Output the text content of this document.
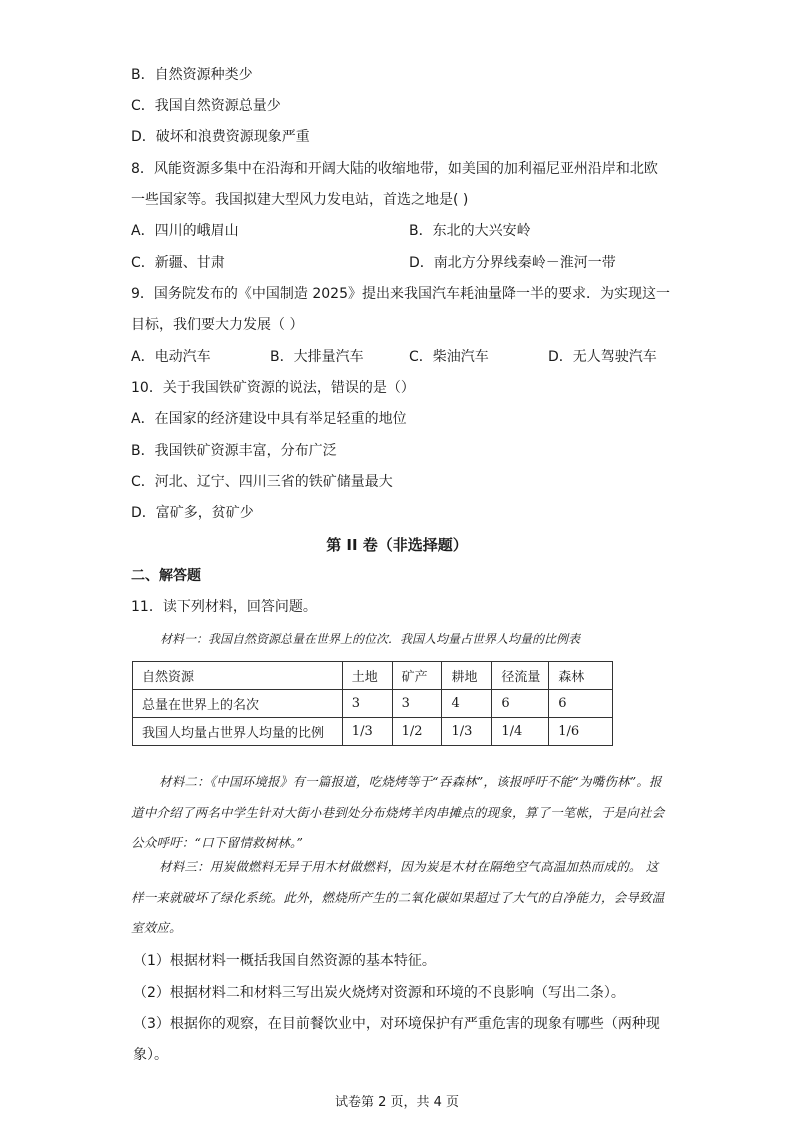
B．自然资源种类少
C．我国自然资源总量少
D．破坏和浪费资源现象严重
8．风能资源多集中在沿海和开阔大陆的收缩地带，如美国的加利福尼亚州沿岸和北欧
一些国家等。我国拟建大型风力发电站，首选之地是( )
A．四川的峨眉山	B．东北的大兴安岭
C．新疆、甘肃	D．南北方分界线秦岭－淮河一带
9．国务院发布的《中国制造 2025》提出来我国汽车耗油量降一半的要求．为实现这一
目标，我们要大力发展（ ）
A．电动汽车	B．大排量汽车	C．柴油汽车	D．无人驾驶汽车
10．关于我国铁矿资源的说法，错误的是（）
A．在国家的经济建设中具有举足轻重的地位
B．我国铁矿资源丰富，分布广泛
C．河北、辽宁、四川三省的铁矿储量最大
D．富矿多，贫矿少
第 II 卷（非选择题）
二、解答题
11．读下列材料，回答问题。
材料一：我国自然资源总量在世界上的位次．我国人均量占世界人均量的比例表
自然资源	土地	矿产	耕地	径流量	森林
总量在世界上的名次	3	3	4	6	6
我国人均量占世界人均量的比例	1/3	1/2	1/3	1/4	1/6
材料二：《中国环境报》有一篇报道，吃烧烤等于“吞森林”，该报呼吁不能“为嘴伤林”。报道中介绍了两名中学生针对大街小巷到处分布烧烤羊肉串摊点的现象，算了一笔帐，于是向社会公众呼吁：“口下留情救树林。”
材料三：用炭做燃料无异于用木材做燃料，因为炭是木材在隔绝空气高温加热而成的。 这样一来就破坏了绿化系统。此外，燃烧所产生的二氧化碳如果超过了大气的自净能力，会导致温室效应。
（1）根据材料一概括我国自然资源的基本特征。
（2）根据材料二和材料三写出炭火烧烤对资源和环境的不良影响（写出二条）。
（3）根据你的观察，在目前餐饮业中，对环境保护有严重危害的现象有哪些（两种现
象）。
试卷第 2 页，共 4 页
